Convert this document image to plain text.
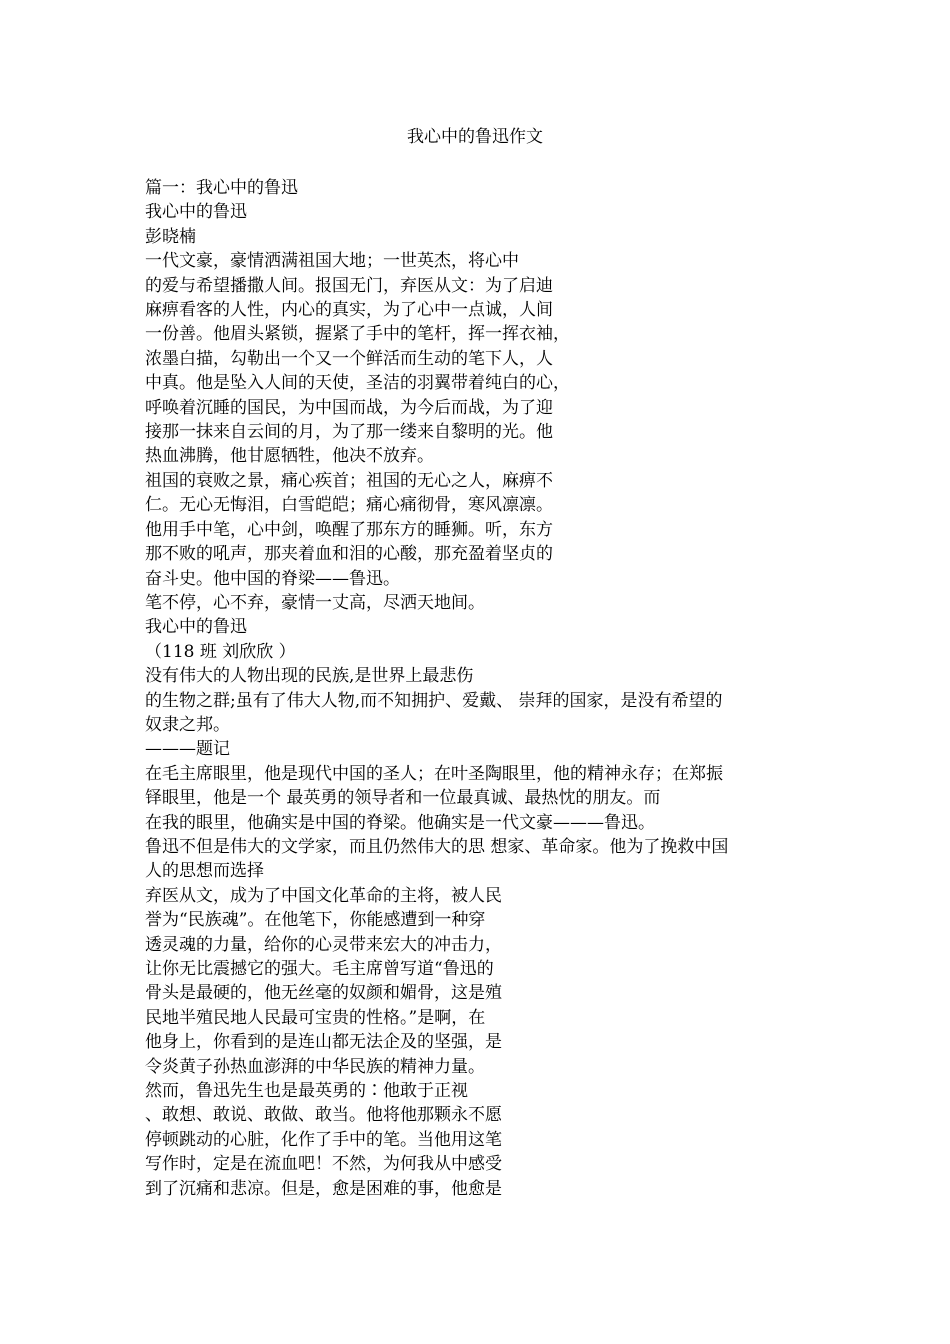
我心中的鲁迅作文
篇一：我心中的鲁迅
我心中的鲁迅
彭晓楠
一代文豪，豪情洒满祖国大地；一世英杰，将心中
的爱与希望播撒人间。报国无门，弃医从文：为了启迪
麻痹看客的人性，内心的真实，为了心中一点诚，人间
一份善。他眉头紧锁，握紧了手中的笔杆，挥一挥衣袖，
浓墨白描，勾勒出一个又一个鲜活而生动的笔下人，人
中真。他是坠入人间的天使，圣洁的羽翼带着纯白的心，
呼唤着沉睡的国民，为中国而战，为今后而战，为了迎
接那一抹来自云间的月，为了那一缕来自黎明的光。他
热血沸腾，他甘愿牺牲，他决不放弃。
祖国的衰败之景，痛心疾首；祖国的无心之人，麻痹不
仁。无心无悔泪，白雪皑皑；痛心痛彻骨，寒风凛凛。
他用手中笔，心中剑，唤醒了那东方的睡狮。听，东方
那不败的吼声，那夹着血和泪的心酸，那充盈着坚贞的
奋斗史。他中国的脊梁——鲁迅。
笔不停，心不弃，豪情一丈高，尽洒天地间。
我心中的鲁迅
（118 班 刘欣欣 ）
没有伟大的人物出现的民族,是世界上最悲伤
的生物之群;虽有了伟大人物,而不知拥护、爱戴、 崇拜的国家，是没有希望的
奴隶之邦。
———题记
在毛主席眼里，他是现代中国的圣人；在叶圣陶眼里，他的精神永存；在郑振
铎眼里，他是一个 最英勇的领导者和一位最真诚、最热忱的朋友。而
在我的眼里，他确实是中国的脊梁。他确实是一代文豪———鲁迅。
鲁迅不但是伟大的文学家，而且仍然伟大的思 想家、革命家。他为了挽救中国
人的思想而选择
弃医从文，成为了中国文化革命的主将，被人民
誉为“民族魂”。在他笔下，你能感遭到一种穿
透灵魂的力量，给你的心灵带来宏大的冲击力，
让你无比震撼它的强大。毛主席曾写道“鲁迅的
骨头是最硬的，他无丝毫的奴颜和媚骨，这是殖
民地半殖民地人民最可宝贵的性格。”是啊，在
他身上，你看到的是连山都无法企及的坚强，是
令炎黄子孙热血澎湃的中华民族的精神力量。
然而，鲁迅先生也是最英勇的∶他敢于正视
、敢想、敢说、敢做、敢当。他将他那颗永不愿
停顿跳动的心脏，化作了手中的笔。当他用这笔
写作时，定是在流血吧！不然，为何我从中感受
到了沉痛和悲凉。但是，愈是困难的事，他愈是
